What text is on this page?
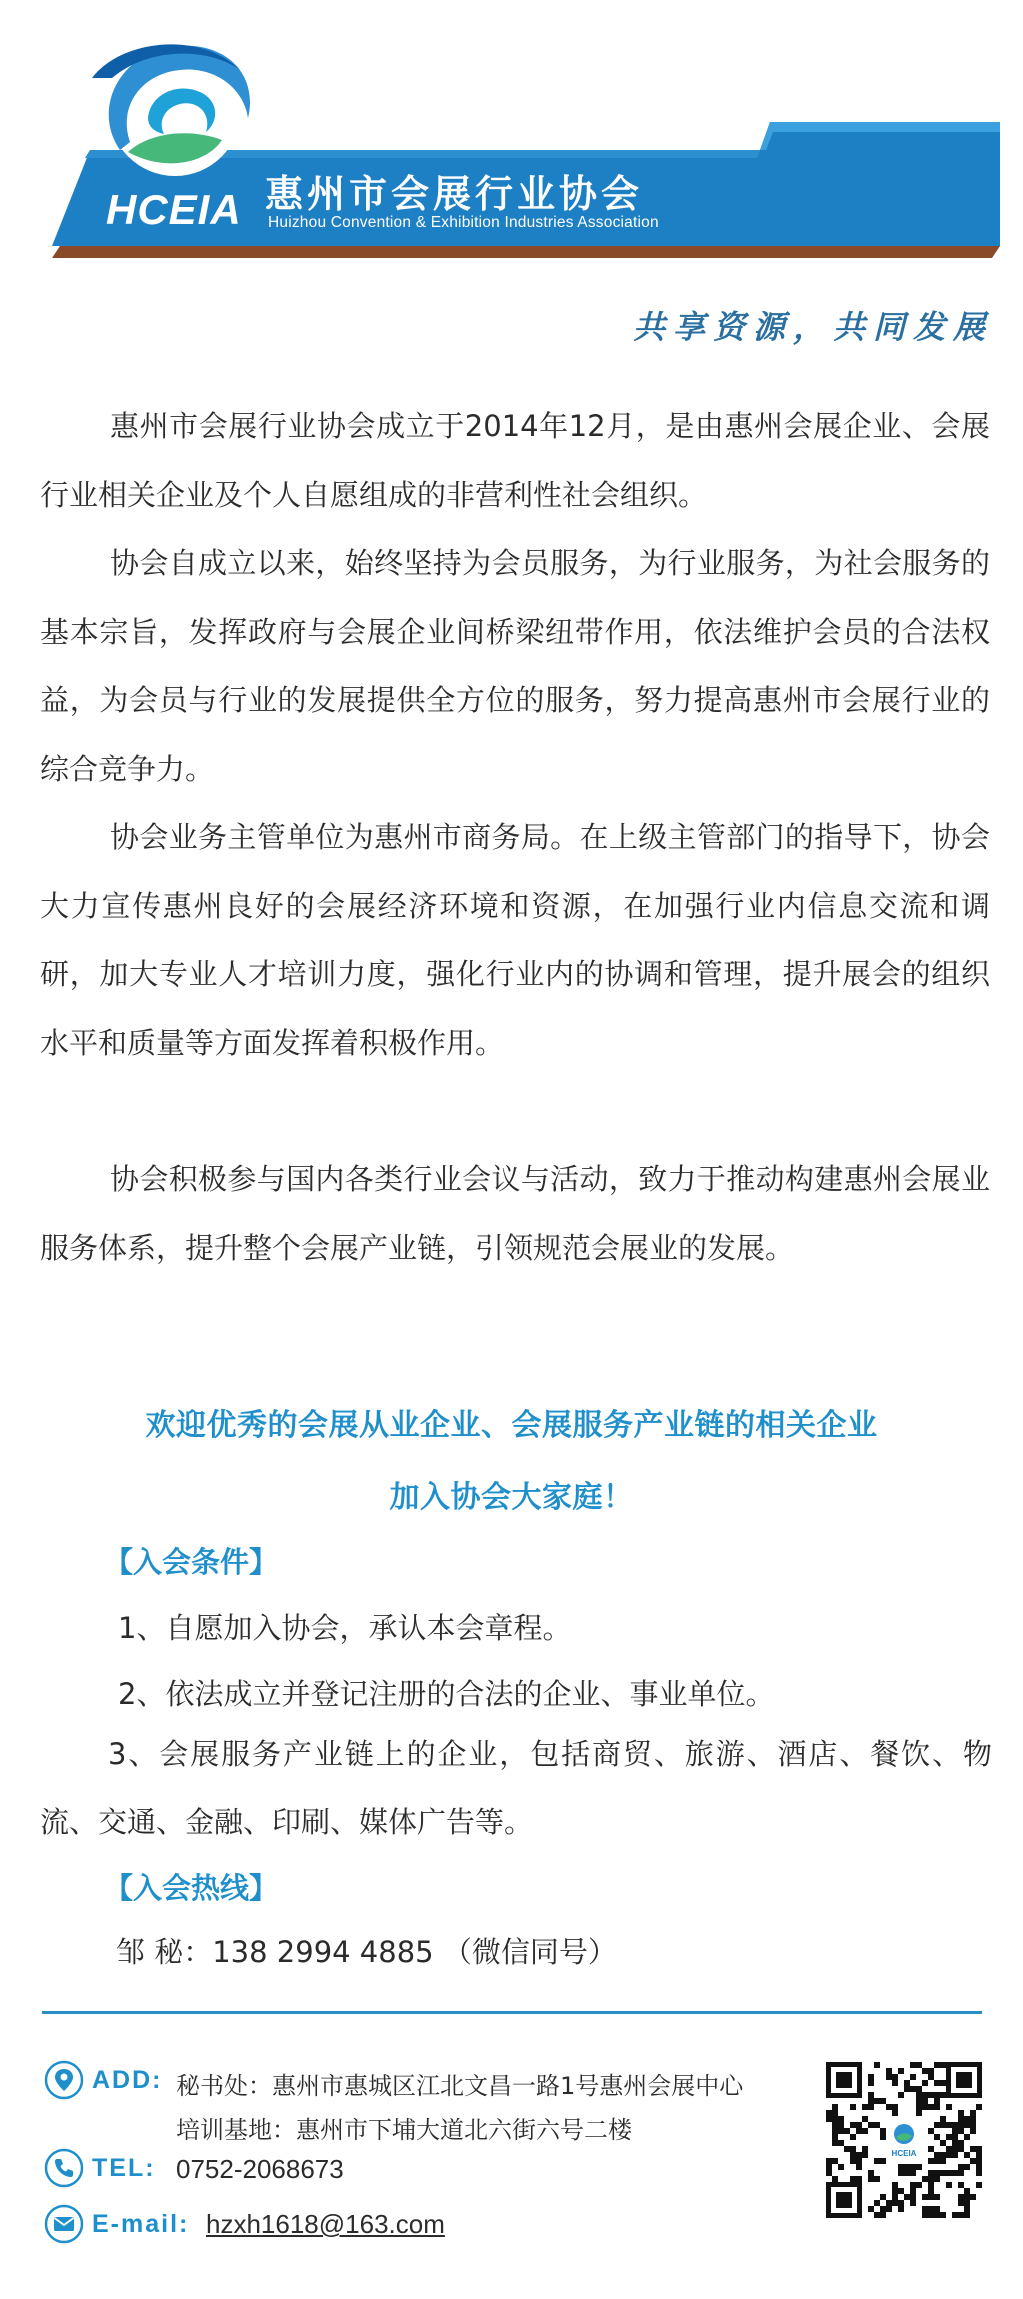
HCEIA 惠州市会展行业协会
Huizhou Convention & Exhibition Industries Association
共享资源，共同发展

惠州市会展行业协会成立于2014年12月，是由惠州会展企业、会展行业相关企业及个人自愿组成的非营利性社会组织。

协会自成立以来，始终坚持为会员服务，为行业服务，为社会服务的基本宗旨，发挥政府与会展企业间桥梁纽带作用，依法维护会员的合法权益，为会员与行业的发展提供全方位的服务，努力提高惠州市会展行业的综合竞争力。

协会业务主管单位为惠州市商务局。在上级主管部门的指导下，协会大力宣传惠州良好的会展经济环境和资源，在加强行业内信息交流和调研，加大专业人才培训力度，强化行业内的协调和管理，提升展会的组织水平和质量等方面发挥着积极作用。

协会积极参与国内各类行业会议与活动，致力于推动构建惠州会展业服务体系，提升整个会展产业链，引领规范会展业的发展。

欢迎优秀的会展从业企业、会展服务产业链的相关企业
加入协会大家庭！
【入会条件】
1、自愿加入协会，承认本会章程。
2、依法成立并登记注册的合法的企业、事业单位。

3、会展服务产业链上的企业，包括商贸、旅游、酒店、餐饮、物流、交通、金融、印刷、媒体广告等。

【入会热线】
邹 秘：138 2994 4885 （微信同号）
ADD: 秘书处：惠州市惠城区江北文昌一路1号惠州会展中心
培训基地：惠州市下埔大道北六街六号二楼
TEL: 0752-2068673
E-mail: hzxh1618@163.com
HCEIA
